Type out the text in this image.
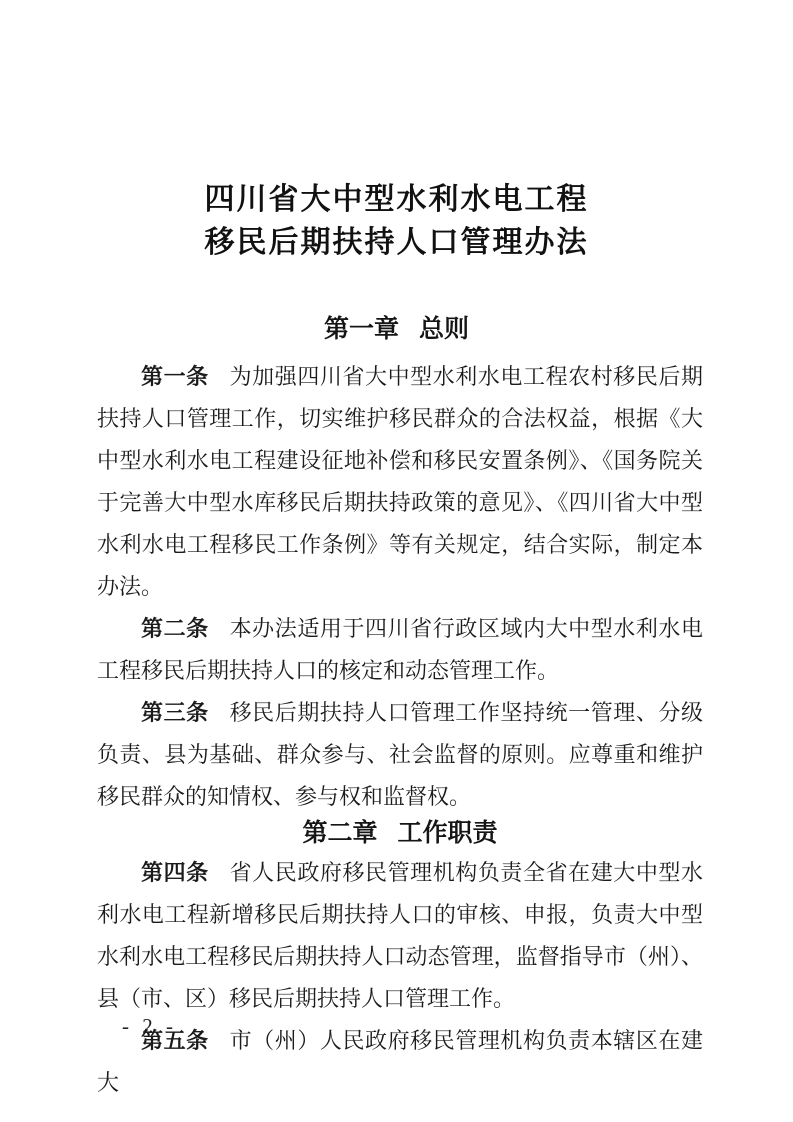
四川省大中型水利水电工程
移民后期扶持人口管理办法
第一章 总则

第一条 为加强四川省大中型水利水电工程农村移民后期扶持人口管理工作，切实维护移民群众的合法权益，根据《大中型水利水电工程建设征地补偿和移民安置条例》、《国务院关于完善大中型水库移民后期扶持政策的意见》、《四川省大中型水利水电工程移民工作条例》等有关规定，结合实际，制定本办法。

第二条 本办法适用于四川省行政区域内大中型水利水电工程移民后期扶持人口的核定和动态管理工作。

第三条 移民后期扶持人口管理工作坚持统一管理、分级负责、县为基础、群众参与、社会监督的原则。应尊重和维护移民群众的知情权、参与权和监督权。

第二章 工作职责

第四条 省人民政府移民管理机构负责全省在建大中型水利水电工程新增移民后期扶持人口的审核、申报，负责大中型水利水电工程移民后期扶持人口动态管理，监督指导市（州）、县（市、区）移民后期扶持人口管理工作。

第五条 市（州）人民政府移民管理机构负责本辖区在建大

- 2 -
